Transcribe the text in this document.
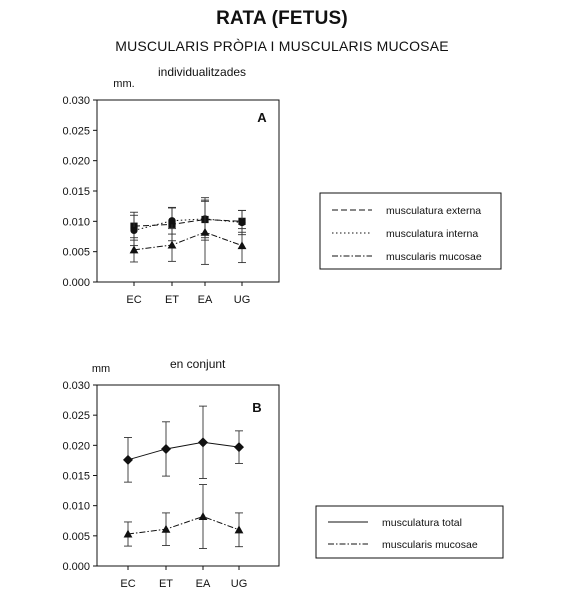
RATA (FETUS)
MUSCULARIS PRÒPIA I MUSCULARIS MUCOSAE
individualitzades
0.000
0.005
0.010
0.015
0.020
0.025
0.030
EC ET EA UG
mm.
A
musculatura externa
musculatura interna
muscularis mucosae
0.000
0.005
0.010
0.015
0.020
0.025
0.030
EC ET EA UG
mm
B
en conjunt
musculatura total
muscularis mucosae
